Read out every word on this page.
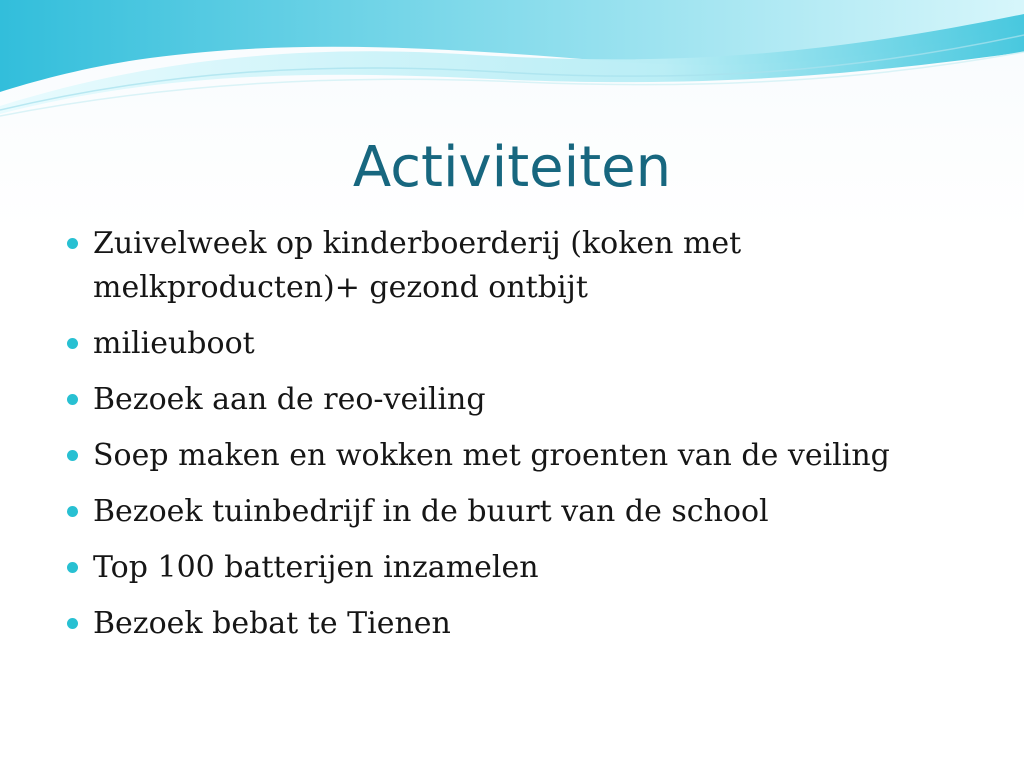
Activiteiten
Zuivelweek op kinderboerderij (koken met melkproducten)+ gezond ontbijt
milieuboot
Bezoek aan de reo-veiling
Soep maken en wokken met groenten van de veiling
Bezoek tuinbedrijf in de buurt van de school
Top 100 batterijen inzamelen
Bezoek bebat te Tienen
